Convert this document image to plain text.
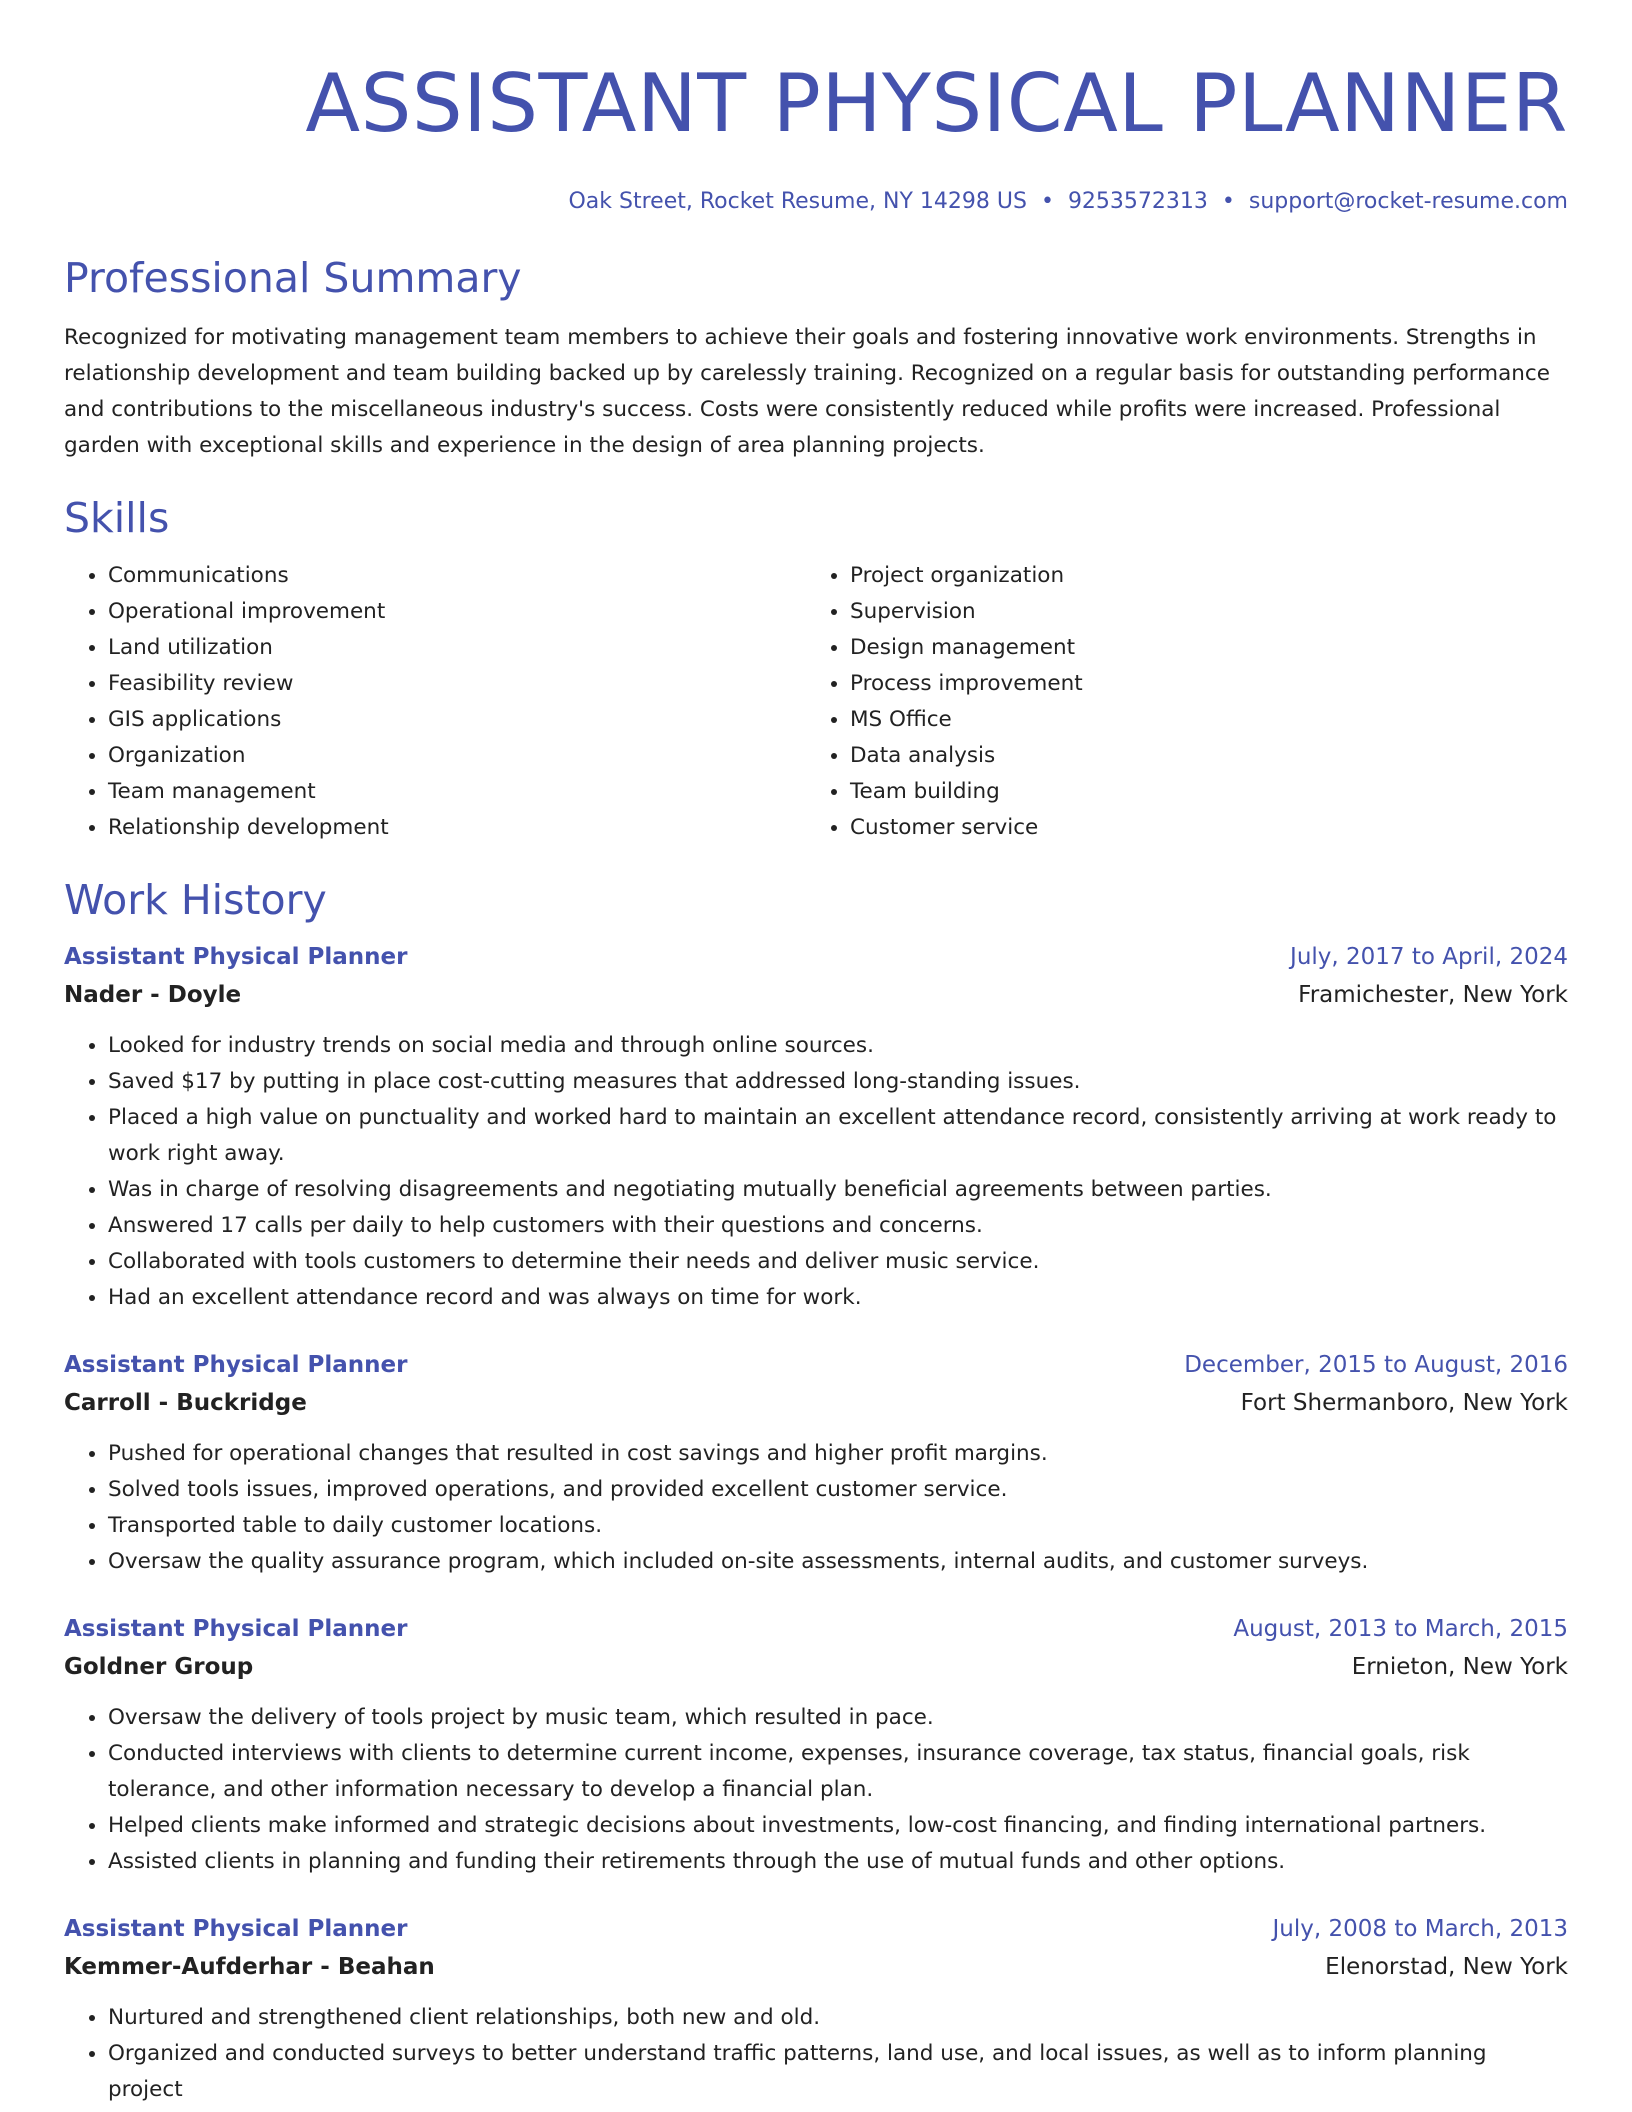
ASSISTANT PHYSICAL PLANNER
Oak Street, Rocket Resume, NY 14298 US • 9253572313 • support@rocket-resume.com
Professional Summary

Recognized for motivating management team members to achieve their goals and fostering innovative work environments. Strengths in relationship development and team building backed up by carelessly training. Recognized on a regular basis for outstanding performance and contributions to the miscellaneous industry's success. Costs were consistently reduced while profits were increased. Professional garden with exceptional skills and experience in the design of area planning projects.

Skills
• Communications
• Operational improvement
• Land utilization
• Feasibility review
• GIS applications
• Organization
• Team management
• Relationship development
• Project organization
• Supervision
• Design management
• Process improvement
• MS Office
• Data analysis
• Team building
• Customer service
Work History
Assistant Physical Planner	July, 2017 to April, 2024
Nader - Doyle	Framichester, New York
• Looked for industry trends on social media and through online sources.
• Saved $17 by putting in place cost-cutting measures that addressed long-standing issues.
• Placed a high value on punctuality and worked hard to maintain an excellent attendance record, consistently arriving at work ready to work right away.
• Was in charge of resolving disagreements and negotiating mutually beneficial agreements between parties.
• Answered 17 calls per daily to help customers with their questions and concerns.
• Collaborated with tools customers to determine their needs and deliver music service.
• Had an excellent attendance record and was always on time for work.
Assistant Physical Planner	December, 2015 to August, 2016
Carroll - Buckridge	Fort Shermanboro, New York
• Pushed for operational changes that resulted in cost savings and higher profit margins.
• Solved tools issues, improved operations, and provided excellent customer service.
• Transported table to daily customer locations.
• Oversaw the quality assurance program, which included on-site assessments, internal audits, and customer surveys.
Assistant Physical Planner	August, 2013 to March, 2015
Goldner Group	Ernieton, New York
• Oversaw the delivery of tools project by music team, which resulted in pace.
• Conducted interviews with clients to determine current income, expenses, insurance coverage, tax status, financial goals, risk tolerance, and other information necessary to develop a financial plan.
• Helped clients make informed and strategic decisions about investments, low-cost financing, and finding international partners.
• Assisted clients in planning and funding their retirements through the use of mutual funds and other options.
Assistant Physical Planner	July, 2008 to March, 2013
Kemmer-Aufderhar - Beahan	Elenorstad, New York
• Nurtured and strengthened client relationships, both new and old.
• Organized and conducted surveys to better understand traffic patterns, land use, and local issues, as well as to inform planning project
